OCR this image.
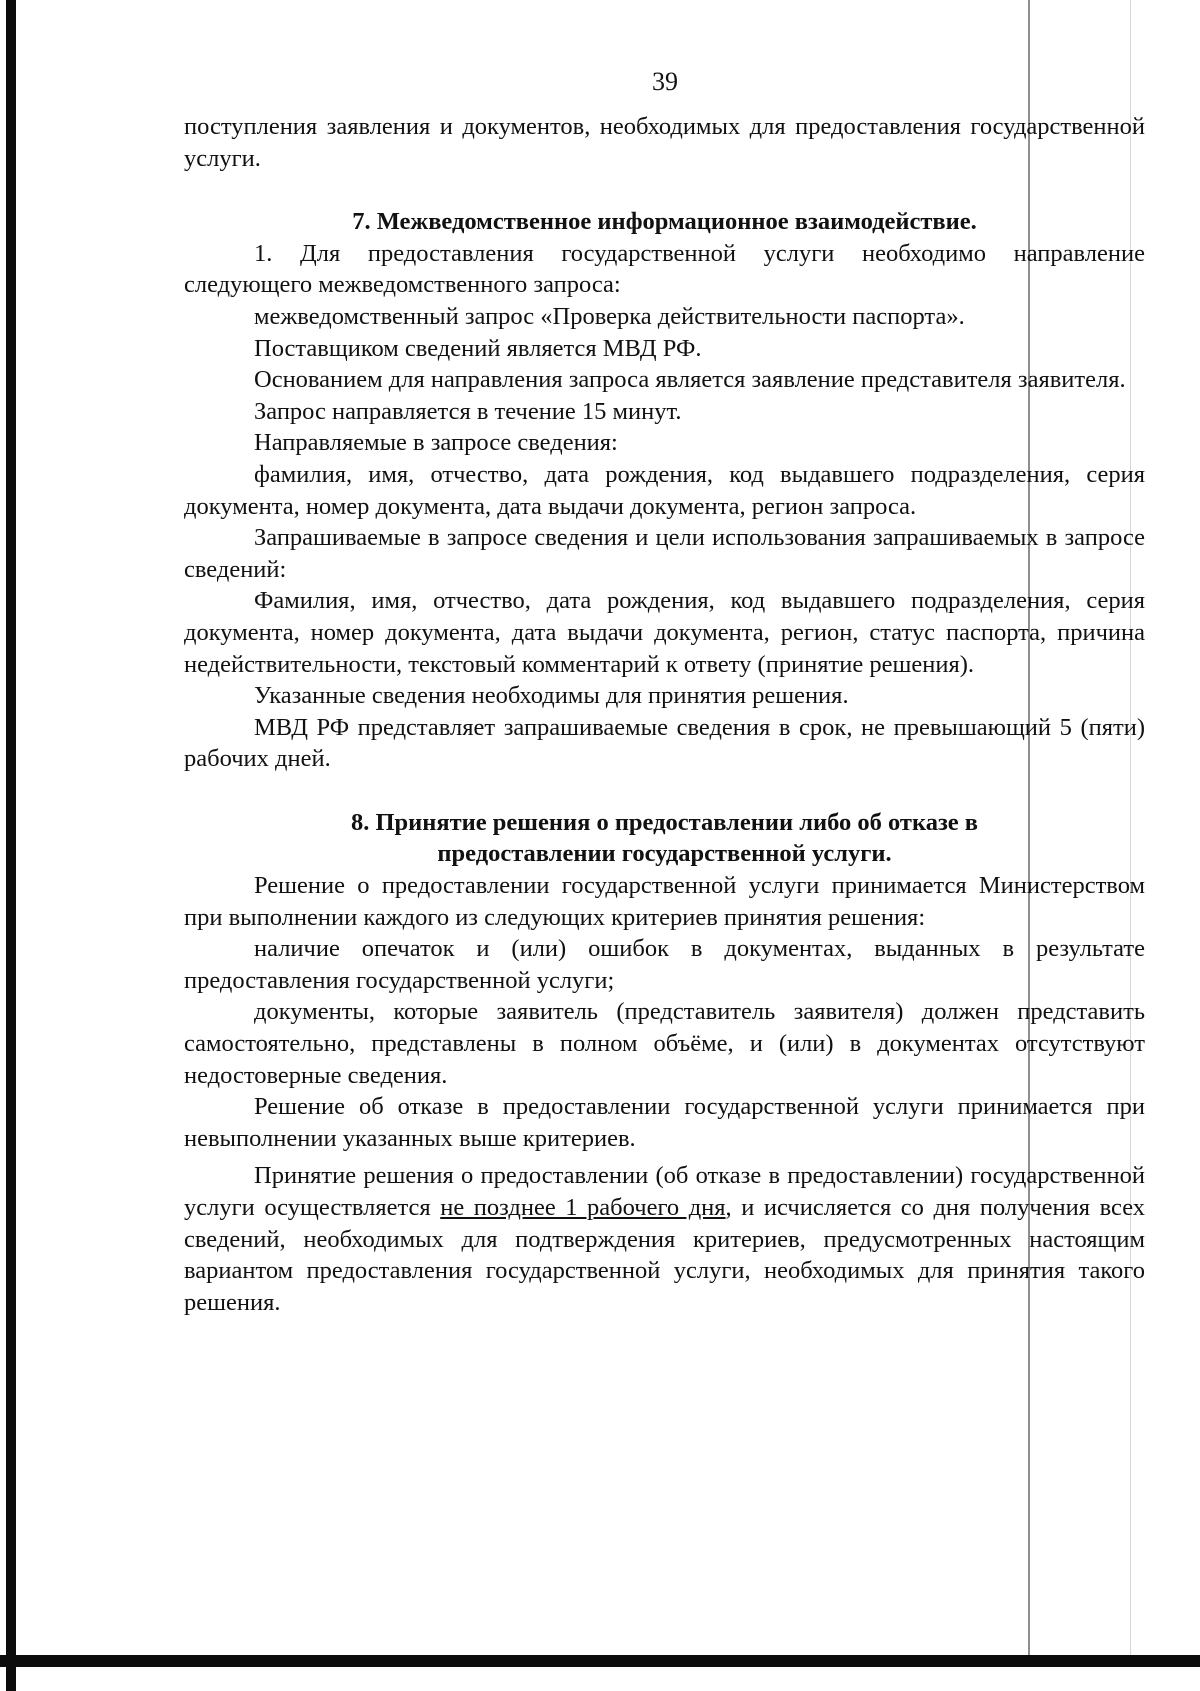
39

поступления заявления и документов, необходимых для предоставления государственной услуги.

7. Межведомственное информационное взаимодействие.

1. Для предоставления государственной услуги необходимо направление следующего межведомственного запроса:

межведомственный запрос «Проверка действительности паспорта».

Поставщиком сведений является МВД РФ.

Основанием для направления запроса является заявление представителя заявителя.

Запрос направляется в течение 15 минут.

Направляемые в запросе сведения:

фамилия, имя, отчество, дата рождения, код выдавшего подразделения, серия документа, номер документа, дата выдачи документа, регион запроса.

Запрашиваемые в запросе сведения и цели использования запрашиваемых в запросе сведений:

Фамилия, имя, отчество, дата рождения, код выдавшего подразделения, серия документа, номер документа, дата выдачи документа, регион, статус паспорта, причина недействительности, текстовый комментарий к ответу (принятие решения).

Указанные сведения необходимы для принятия решения.

МВД РФ представляет запрашиваемые сведения в срок, не превышающий 5 (пяти) рабочих дней.

8. Принятие решения о предоставлении либо об отказе в
предоставлении государственной услуги.

Решение о предоставлении государственной услуги принимается Министерством при выполнении каждого из следующих критериев принятия решения:

наличие опечаток и (или) ошибок в документах, выданных в результате предоставления государственной услуги;

документы, которые заявитель (представитель заявителя) должен представить самостоятельно, представлены в полном объёме, и (или) в документах отсутствуют недостоверные сведения.

Решение об отказе в предоставлении государственной услуги принимается при невыполнении указанных выше критериев.

Принятие решения о предоставлении (об отказе в предоставлении) государственной услуги осуществляется не позднее 1 рабочего дня, и исчисляется со дня получения всех сведений, необходимых для подтверждения критериев, предусмотренных настоящим вариантом предоставления государственной услуги, необходимых для принятия такого решения.
